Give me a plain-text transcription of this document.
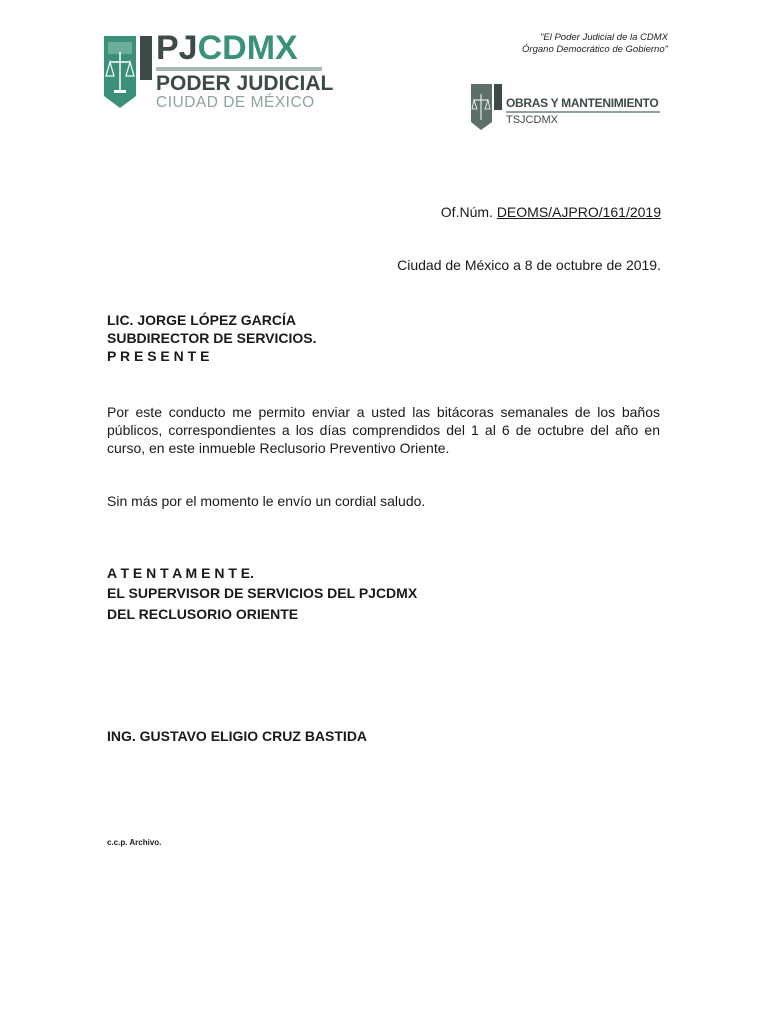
PJCDMX
PODER JUDICIAL
CIUDAD DE MÉXICO
"El Poder Judicial de la CDMX
Órgano Democrático de Gobierno"
OBRAS Y MANTENIMIENTO
TSJCDMX
Of.Núm. DEOMS/AJPRO/161/2019
Ciudad de México a 8 de octubre de 2019.
LIC. JORGE LÓPEZ GARCÍA
SUBDIRECTOR DE SERVICIOS.
P R E S E N T E
Por este conducto me permito enviar a usted las bitácoras semanales de los baños públicos, correspondientes a los días comprendidos del 1 al 6 de octubre del año en curso, en este inmueble Reclusorio Preventivo Oriente.
Sin más por el momento le envío un cordial saludo.
A T E N T A M E N T E.
EL SUPERVISOR DE SERVICIOS DEL PJCDMX
DEL RECLUSORIO ORIENTE
ING. GUSTAVO ELIGIO CRUZ BASTIDA
c.c.p. Archivo.
